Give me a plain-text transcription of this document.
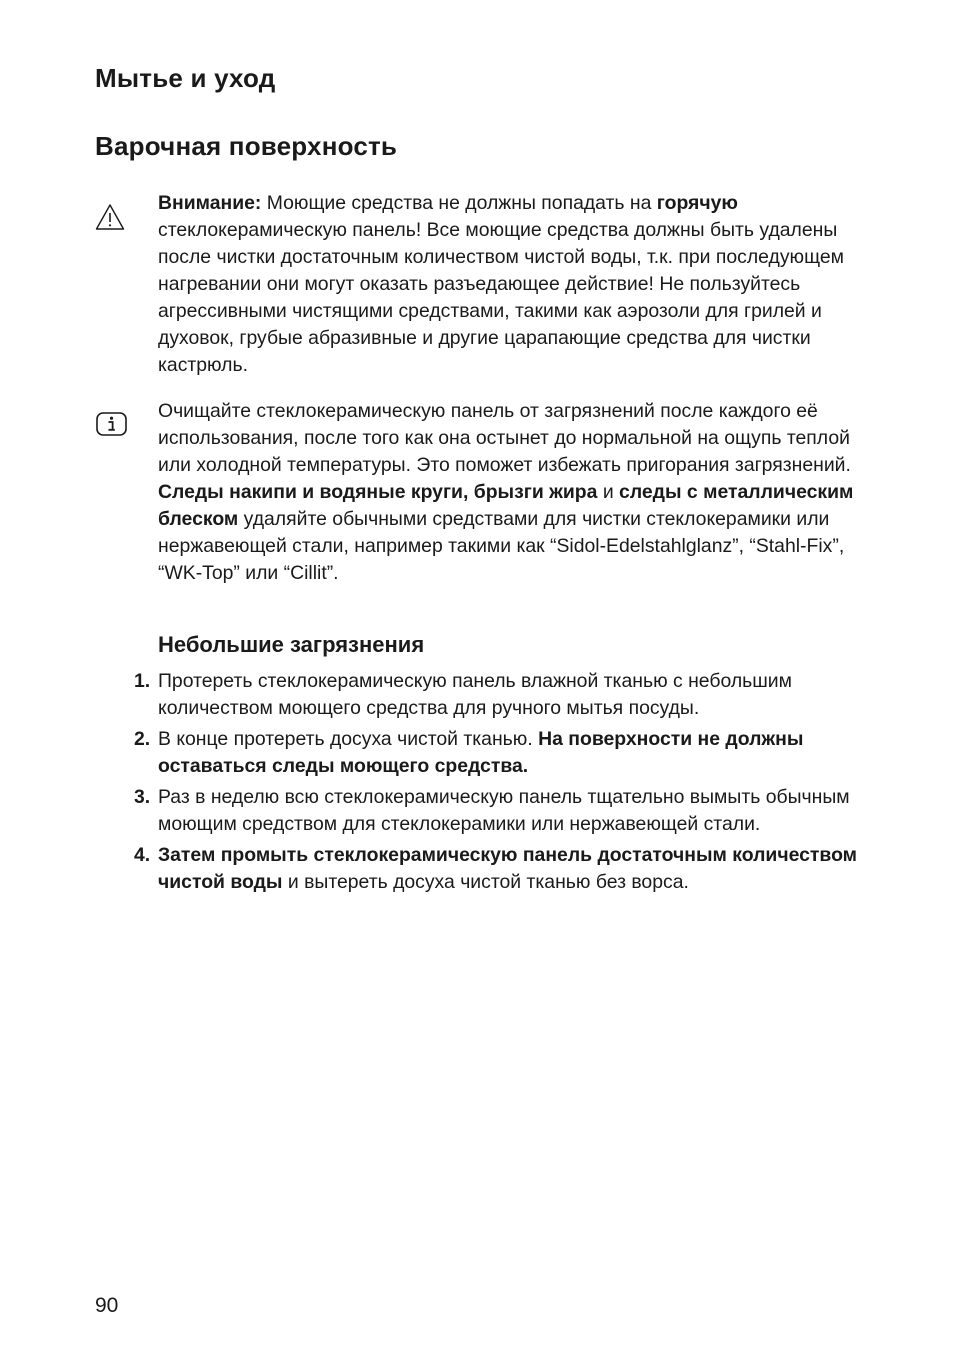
Мытье и уход
Варочная поверхность

Внимание: Моющие средства не должны попадать на горячую стеклокерамическую панель! Все моющие средства должны быть удалены после чистки достаточным количеством чистой воды, т.к. при последующем нагревании они могут оказать разъедающее действие! Не пользуйтесь агрессивными чистящими средствами, такими как аэрозоли для грилей и духовок, грубые абразивные и другие царапающие средства для чистки кастрюль.

Очищайте стеклокерамическую панель от загрязнений после каждого её использования, после того как она остынет до нормальной на ощупь теплой или холодной температуры. Это поможет избежать пригорания загрязнений.

Следы накипи и водяные круги, брызги жира и следы с металлическим блеском удаляйте обычными средствами для чистки стеклокерамики или нержавеющей стали, например такими как “Sidol-Edelstahlglanz”, “Stahl-Fix”, “WK-Top” или “Cillit”.

Небольшие загрязнения
1. Протереть стеклокерамическую панель влажной тканью с небольшим количеством моющего средства для ручного мытья посуды.
2. В конце протереть досуха чистой тканью. На поверхности не должны оставаться следы моющего средства.
3. Раз в неделю всю стеклокерамическую панель тщательно вымыть обычным моющим средством для стеклокерамики или нержавеющей стали.
4. Затем промыть стеклокерамическую панель достаточным количеством чистой воды и вытереть досуха чистой тканью без ворса.
90
